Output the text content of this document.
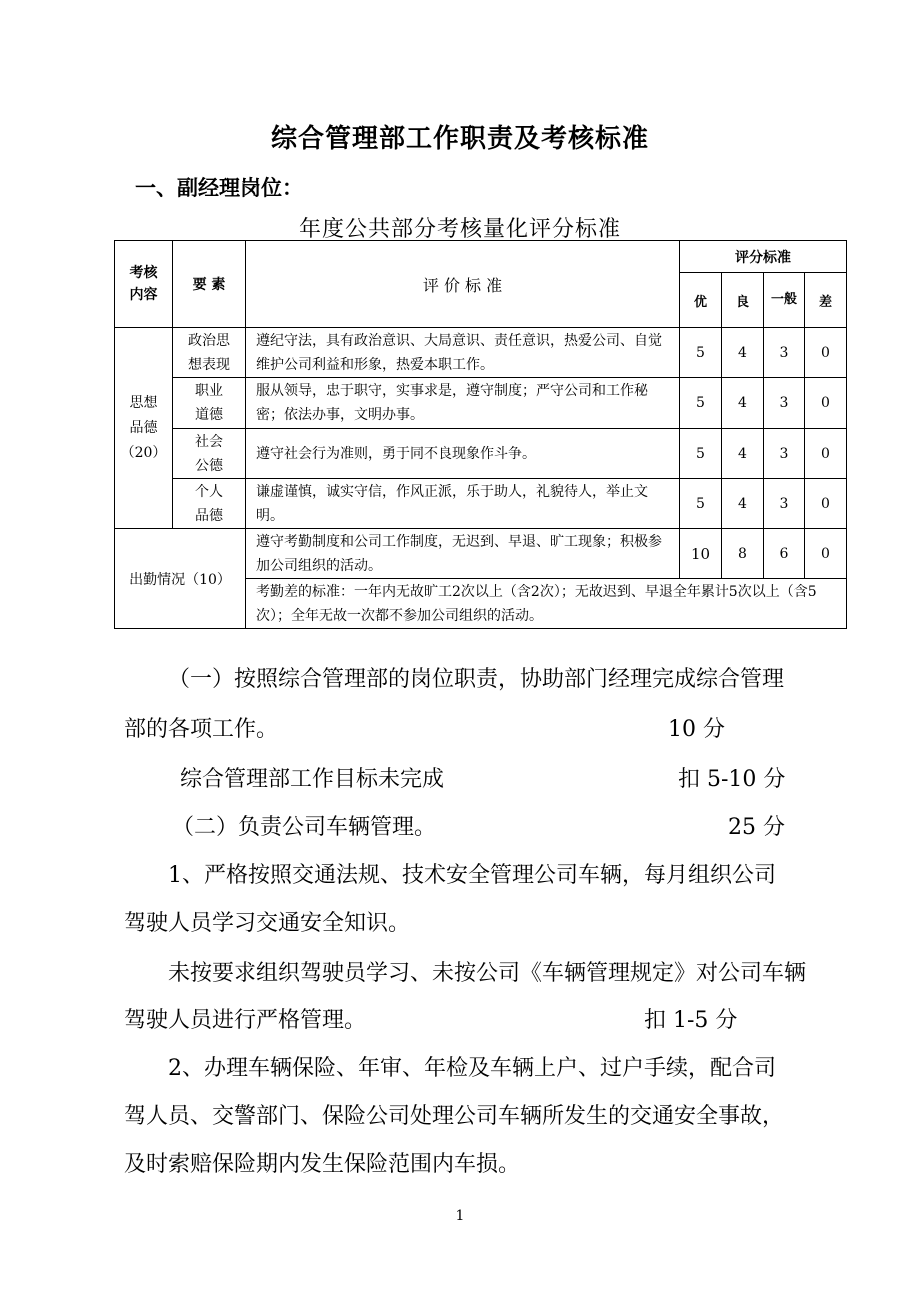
综合管理部工作职责及考核标准
一、副经理岗位：
年度公共部分考核量化评分标准
考核
内容	要 素	评 价 标 准	评分标准			
			优	良	一般	差
思想
品德
（20）	政治思
想表现	遵纪守法，具有政治意识、大局意识、责任意识，热爱公司、自觉维护公司利益和形象，热爱本职工作。	5	4	3	0
	职业
道德	服从领导，忠于职守，实事求是，遵守制度；严守公司和工作秘密；依法办事，文明办事。	5	4	3	0
	社会
公德	遵守社会行为准则，勇于同不良现象作斗争。	5	4	3	0
	个人
品德	谦虚谨慎，诚实守信，作风正派，乐于助人，礼貌待人，举止文明。	5	4	3	0
出勤情况（10）		遵守考勤制度和公司工作制度，无迟到、早退、旷工现象；积极参加公司组织的活动。	10	8	6	0
		考勤差的标准：一年内无故旷工2次以上（含2次）；无故迟到、早退全年累计5次以上（含5次）；全年无故一次都不参加公司组织的活动。				
（一）按照综合管理部的岗位职责，协助部门经理完成综合管理
部的各项工作。	10 分
综合管理部工作目标未完成	扣 5-10 分
（二）负责公司车辆管理。	25 分
1、严格按照交通法规、技术安全管理公司车辆，每月组织公司
驾驶人员学习交通安全知识。
未按要求组织驾驶员学习、未按公司《车辆管理规定》对公司车辆
驾驶人员进行严格管理。	扣 1-5 分
2、办理车辆保险、年审、年检及车辆上户、过户手续，配合司
驾人员、交警部门、保险公司处理公司车辆所发生的交通安全事故，
及时索赔保险期内发生保险范围内车损。
1
